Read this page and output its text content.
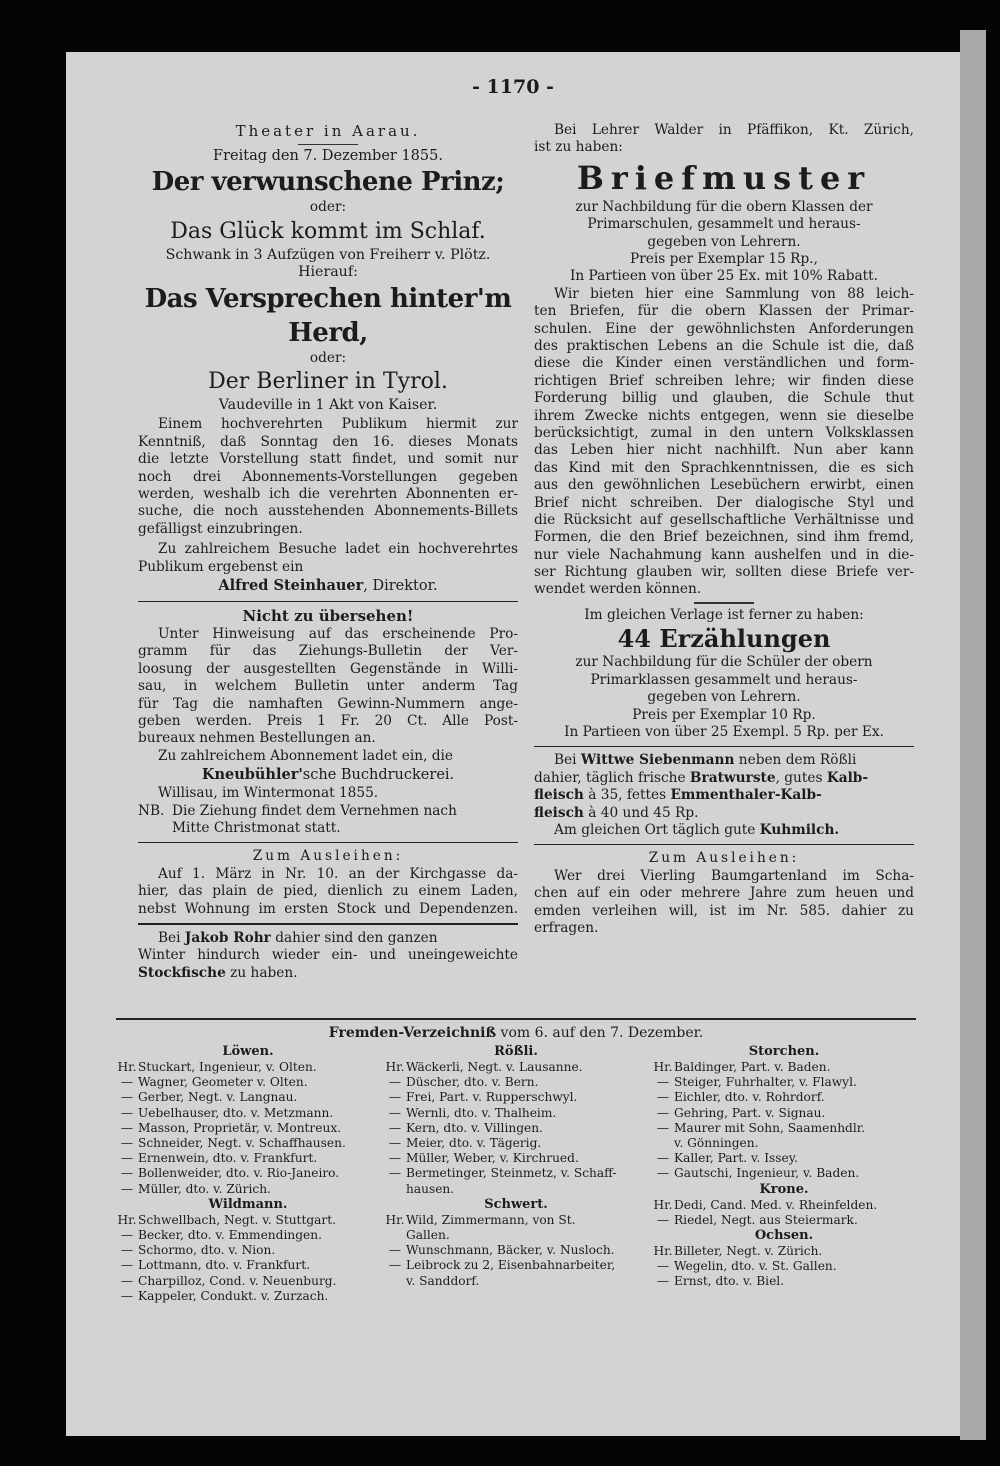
- 1170 -
Theater in Aarau.
Freitag den 7. Dezember 1855.
Der verwunschene Prinz;
oder:
Das Glück kommt im Schlaf.
Schwank in 3 Aufzügen von Freiherr v. Plötz.
Hierauf:
Das Versprechen hinter'm Herd,
oder:
Der Berliner in Tyrol.
Vaudeville in 1 Akt von Kaiser.
Einem hochverehrten Publikum hiermit zur
Kenntniß, daß Sonntag den 16. dieses Monats
die letzte Vorstellung statt findet, und somit nur
noch drei Abonnements-Vorstellungen gegeben
werden, weshalb ich die verehrten Abonnenten er-
suche, die noch ausstehenden Abonnements-Billets
gefälligst einzubringen.
Zu zahlreichem Besuche ladet ein hochverehrtes
Publikum ergebenst ein
Alfred Steinhauer, Direktor.
Nicht zu übersehen!
Unter Hinweisung auf das erscheinende Pro-
gramm für das Ziehungs-Bulletin der Ver-
loosung der ausgestellten Gegenstände in Willi-
sau, in welchem Bulletin unter anderm Tag
für Tag die namhaften Gewinn-Nummern ange-
geben werden. Preis 1 Fr. 20 Ct. Alle Post-
bureaux nehmen Bestellungen an.
Zu zahlreichem Abonnement ladet ein, die
Kneubühler'sche Buchdruckerei.
Willisau, im Wintermonat 1855.
NB. Die Ziehung findet dem Vernehmen nach
Mitte Christmonat statt.
Zum Ausleihen:
Auf 1. März in Nr. 10. an der Kirchgasse da-
hier, das plain de pied, dienlich zu einem Laden,
nebst Wohnung im ersten Stock und Dependenzen.
Bei Jakob Rohr dahier sind den ganzen
Winter hindurch wieder ein- und uneingeweichte
Stockfische zu haben.
Bei Lehrer Walder in Pfäffikon, Kt. Zürich,
ist zu haben:
Briefmuster
zur Nachbildung für die obern Klassen der
Primarschulen, gesammelt und heraus-
gegeben von Lehrern.
Preis per Exemplar 15 Rp.,
In Partieen von über 25 Ex. mit 10% Rabatt.
Wir bieten hier eine Sammlung von 88 leich-
ten Briefen, für die obern Klassen der Primar-
schulen. Eine der gewöhnlichsten Anforderungen
des praktischen Lebens an die Schule ist die, daß
diese die Kinder einen verständlichen und form-
richtigen Brief schreiben lehre; wir finden diese
Forderung billig und glauben, die Schule thut
ihrem Zwecke nichts entgegen, wenn sie dieselbe
berücksichtigt, zumal in den untern Volksklassen
das Leben hier nicht nachhilft. Nun aber kann
das Kind mit den Sprachkenntnissen, die es sich
aus den gewöhnlichen Lesebüchern erwirbt, einen
Brief nicht schreiben. Der dialogische Styl und
die Rücksicht auf gesellschaftliche Verhältnisse und
Formen, die den Brief bezeichnen, sind ihm fremd,
nur viele Nachahmung kann aushelfen und in die-
ser Richtung glauben wir, sollten diese Briefe ver-
wendet werden können.
Im gleichen Verlage ist ferner zu haben:
44 Erzählungen
zur Nachbildung für die Schüler der obern
Primarklassen gesammelt und heraus-
gegeben von Lehrern.
Preis per Exemplar 10 Rp.
In Partieen von über 25 Exempl. 5 Rp. per Ex.
Bei Wittwe Siebenmann neben dem Rößli
dahier, täglich frische Bratwurste, gutes Kalb-
fleisch à 35, fettes Emmenthaler-Kalb-
fleisch à 40 und 45 Rp.
Am gleichen Ort täglich gute Kuhmilch.
Zum Ausleihen:
Wer drei Vierling Baumgartenland im Scha-
chen auf ein oder mehrere Jahre zum heuen und
emden verleihen will, ist im Nr. 585. dahier zu
erfragen.
Fremden-Verzeichniß vom 6. auf den 7. Dezember.
Löwen.
Hr. Stuckart, Ingenieur, v. Olten.
— Wagner, Geometer v. Olten.
— Gerber, Negt. v. Langnau.
— Uebelhauser, dto. v. Metzmann.
— Masson, Proprietär, v. Montreux.
— Schneider, Negt. v. Schaffhausen.
— Ernenwein, dto. v. Frankfurt.
— Bollenweider, dto. v. Rio-Janeiro.
— Müller, dto. v. Zürich.
Wildmann.
Hr. Schwellbach, Negt. v. Stuttgart.
— Becker, dto. v. Emmendingen.
— Schormo, dto. v. Nion.
— Lottmann, dto. v. Frankfurt.
— Charpilloz, Cond. v. Neuenburg.
— Kappeler, Condukt. v. Zurzach.
Rößli.
Hr. Wäckerli, Negt. v. Lausanne.
— Düscher, dto. v. Bern.
— Frei, Part. v. Rupperschwyl.
— Wernli, dto. v. Thalheim.
— Kern, dto. v. Villingen.
— Meier, dto. v. Tägerig.
— Müller, Weber, v. Kirchrued.
— Bermetinger, Steinmetz, v. Schaff-
hausen.
Schwert.
Hr. Wild, Zimmermann, von St.
Gallen.
— Wunschmann, Bäcker, v. Nusloch.
— Leibrock zu 2, Eisenbahnarbeiter,
v. Sanddorf.
Storchen.
Hr. Baldinger, Part. v. Baden.
— Steiger, Fuhrhalter, v. Flawyl.
— Eichler, dto. v. Rohrdorf.
— Gehring, Part. v. Signau.
— Maurer mit Sohn, Saamenhdlr.
v. Gönningen.
— Kaller, Part. v. Issey.
— Gautschi, Ingenieur, v. Baden.
Krone.
Hr. Dedi, Cand. Med. v. Rheinfelden.
— Riedel, Negt. aus Steiermark.
Ochsen.
Hr. Billeter, Negt. v. Zürich.
— Wegelin, dto. v. St. Gallen.
— Ernst, dto. v. Biel.
